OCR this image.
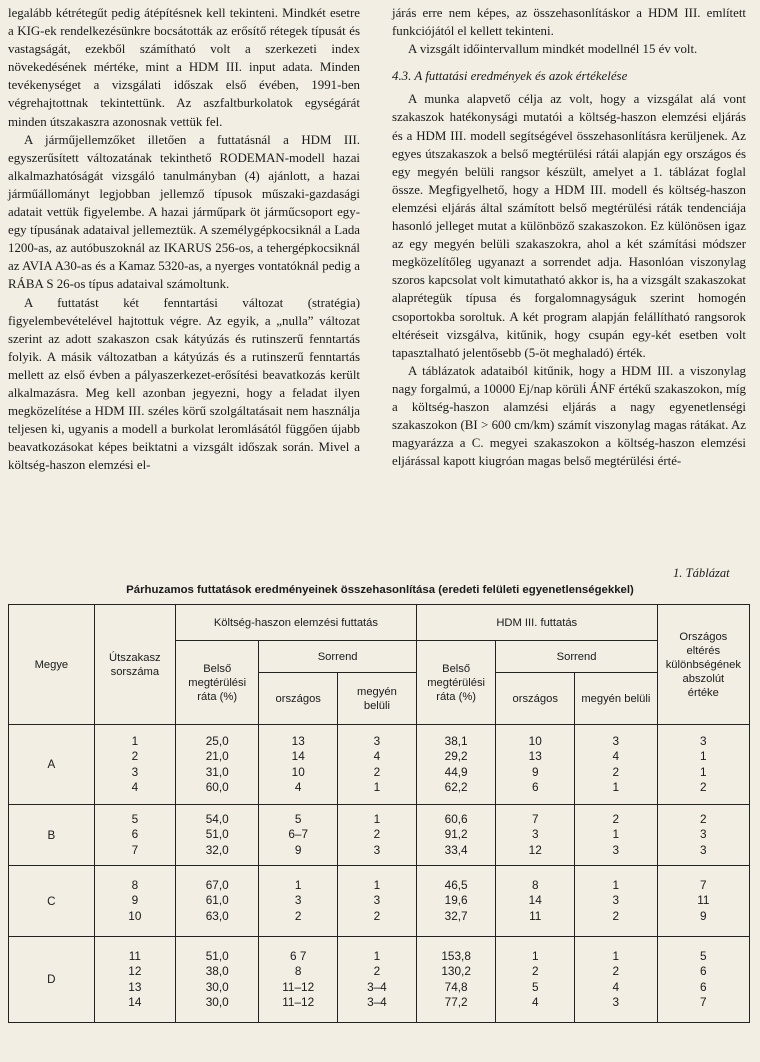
legalább kétrétegűt pedig átépítésnek kell tekinteni. Mindkét esetre a KIG-ek rendelkezésünkre bocsátották az erősítő rétegek típusát és vastagságát, ezekből számítható volt a szerkezeti index növekedésének mértéke, mint a HDM III. input adata. Minden tevékenységet a vizsgálati időszak első évében, 1991-ben végrehajtottnak tekintettünk. Az aszfaltburkolatok egységárát minden útszakaszra azonosnak vettük fel.

A járműjellemzőket illetően a futtatásnál a HDM III. egyszerűsített változatának tekinthető RODEMAN-modell hazai alkalmazhatóságát vizsgáló tanulmányban (4) ajánlott, a hazai járműállományt legjobban jellemző típusok műszaki-gazdasági adatait vettük figyelembe. A hazai járműpark öt járműcsoport egy-egy típusának adataival jellemeztük. A személygépkocsiknál a Lada 1200-as, az autóbuszoknál az IKARUS 256-os, a tehergépkocsiknál az AVIA A30-as és a Kamaz 5320-as, a nyerges vontatóknál pedig a RÁBA S 26-os típus adataival számoltunk.

A futtatást két fenntartási változat (stratégia) figyelembevételével hajtottuk végre. Az egyik, a „nulla” változat szerint az adott szakaszon csak kátyúzás és rutinszerű fenntartás folyik. A másik változatban a kátyúzás és a rutinszerű fenntartás mellett az első évben a pályaszerkezet-erősítési beavatkozás került alkalmazásra. Meg kell azonban jegyezni, hogy a feladat ilyen megközelítése a HDM III. széles körű szolgáltatásait nem használja teljesen ki, ugyanis a modell a burkolat leromlásától függően újabb beavatkozásokat képes beiktatni a vizsgált időszak során. Mivel a költség-haszon elemzési el-

járás erre nem képes, az összehasonlításkor a HDM III. említett funkciójától el kellett tekinteni.

A vizsgált időintervallum mindkét modellnél 15 év volt.

4.3. A futtatási eredmények és azok értékelése

A munka alapvető célja az volt, hogy a vizsgálat alá vont szakaszok hatékonysági mutatói a költség-haszon elemzési eljárás és a HDM III. modell segítségével összehasonlításra kerüljenek. Az egyes útszakaszok a belső megtérülési rátái alapján egy országos és egy megyén belüli rangsor készült, amelyet a 1. táblázat foglal össze. Megfigyelhető, hogy a HDM III. modell és költség-haszon elemzési eljárás által számított belső megtérülési ráták tendenciája hasonló jelleget mutat a különböző szakaszokon. Ez különösen igaz az egy megyén belüli szakaszokra, ahol a két számítási módszer megközelítőleg ugyanazt a sorrendet adja. Hasonlóan viszonylag szoros kapcsolat volt kimutatható akkor is, ha a vizsgált szakaszokat alaprétegük típusa és forgalomnagyságuk szerint homogén csoportokba soroltuk. A két program alapján felállítható rangsorok eltéréseit vizsgálva, kitűnik, hogy csupán egy-két esetben volt tapasztalható jelentősebb (5-öt meghaladó) érték.

A táblázatok adataiból kitűnik, hogy a HDM III. a viszonylag nagy forgalmú, a 10000 Ej/nap körüli ÁNF értékű szakaszokon, míg a költség-haszon alamzési eljárás a nagy egyenetlenségi szakaszokon (BI > 600 cm/km) számít viszonylag magas rátákat. Az magyarázza a C. megyei szakaszokon a költség-haszon elemzési eljárással kapott kiugróan magas belső megtérülési érté-

1. Táblázat
Párhuzamos futtatások eredményeinek összehasonlítása (eredeti felületi egyenetlenségekkel)
Megye	Útszakasz sorszáma	Költség-haszon elemzési futtatás			HDM III. futtatás			Országos eltérés különbségének abszolút értéke
		Belső megtérülési ráta (%)	Sorrend		Belső megtérülési ráta (%)	Sorrend		
			országos	megyén belüli		országos	megyén belüli	
A	1
2
3
4	25,0
21,0
31,0
60,0	13
14
10
4	3
4
2
1	38,1
29,2
44,9
62,2	10
13
9
6	3
4
2
1	3
1
1
2

B	5
6
7	54,0
51,0
32,0	5
6–7
9	1
2
3	60,6
91,2
33,4	7
3
12	2
1
3	2
3
3

C	8
9
10	67,0
61,0
63,0	1
3
2	1
3
2	46,5
19,6
32,7	8
14
11	1
3
2	7
11
9

D	11
12
13
14	51,0
38,0
30,0
30,0	6 7
8
11–12
11–12	1
2
3–4
3–4	153,8
130,2
74,8
77,2	1
2
5
4	1
2
4
3	5
6
6
7
